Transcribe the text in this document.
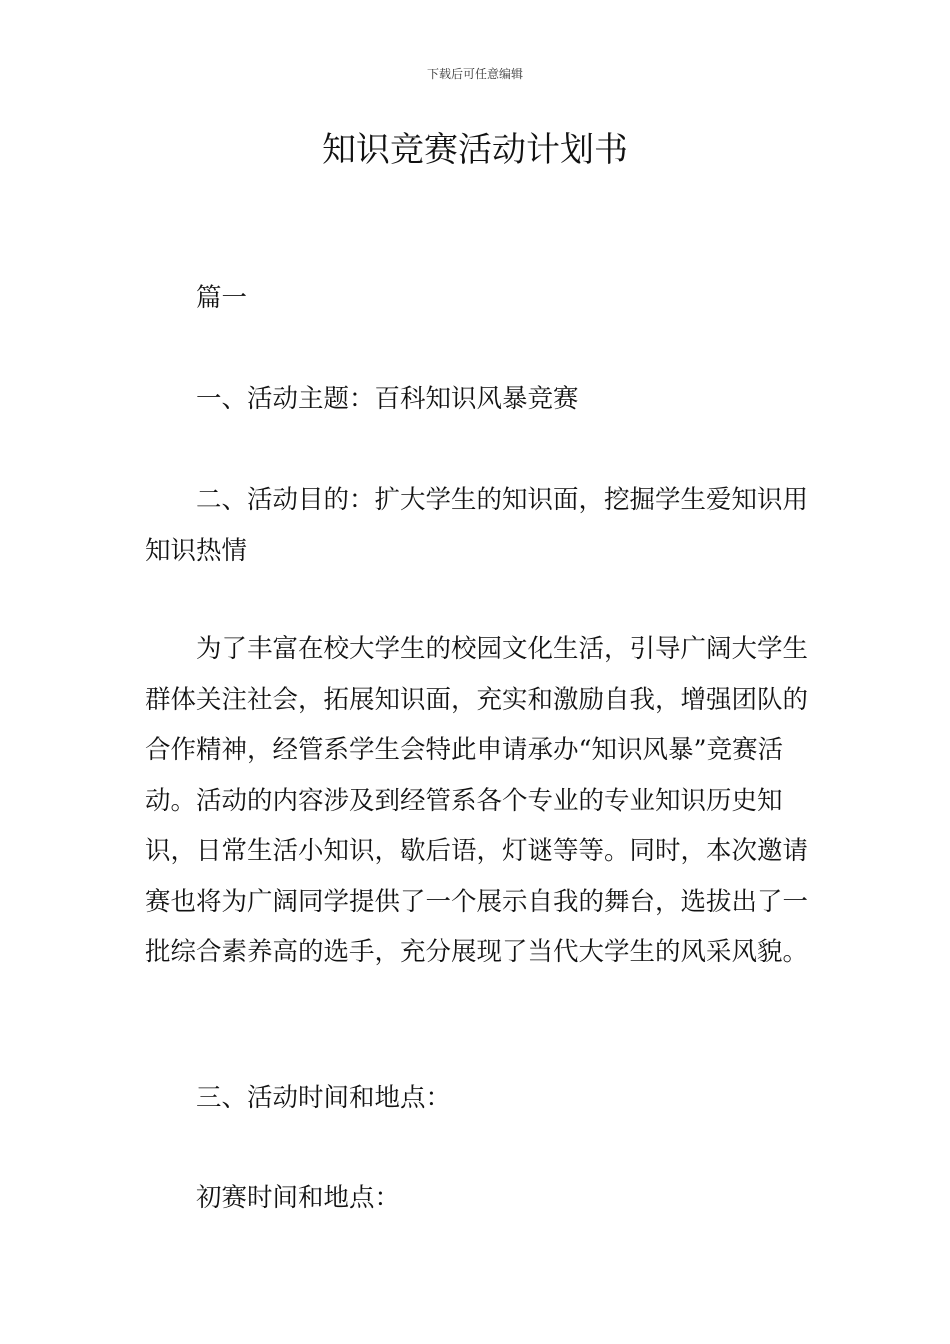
下载后可任意编辑
知识竞赛活动计划书

篇一

一、活动主题：百科知识风暴竞赛

二、活动目的：扩大学生的知识面，挖掘学生爱知识用知识热情

为了丰富在校大学生的校园文化生活，引导广阔大学生群体关注社会，拓展知识面，充实和激励自我，增强团队的合作精神，经管系学生会特此申请承办“知识风暴”竞赛活动。活动的内容涉及到经管系各个专业的专业知识历史知识，日常生活小知识，歇后语，灯谜等等。同时，本次邀请赛也将为广阔同学提供了一个展示自我的舞台，选拔出了一批综合素养高的选手，充分展现了当代大学生的风采风貌。

三、活动时间和地点：

初赛时间和地点：
